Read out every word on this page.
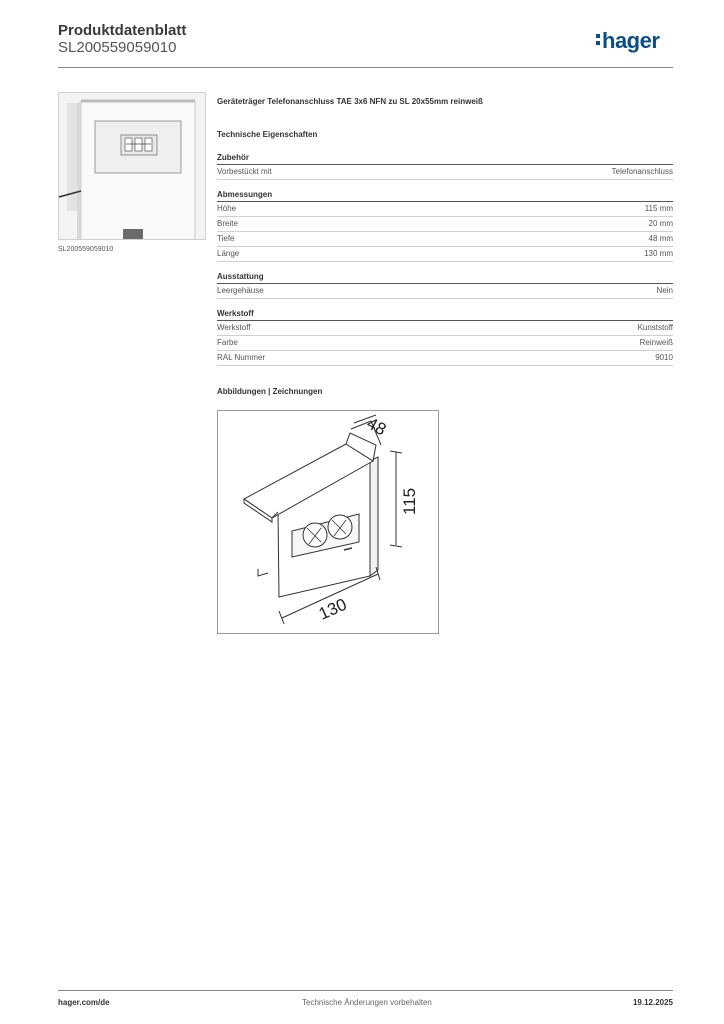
Produktdatenblatt
SL200559059010	hager
SL200559059010
Geräteträger Telefonanschluss TAE 3x6 NFN zu SL 20x55mm reinweiß
Technische Eigenschaften
Zubehör
Vorbestückt mit	Telefonanschluss
Abmessungen
Höhe	115 mm
Breite	20 mm
Tiefe	48 mm
Länge	130 mm
Ausstattung
Leergehäuse	Nein
Werkstoff
Werkstoff	Kunststoff
Farbe	Reinweiß
RAL Nummer	9010
Abbildungen | Zeichnungen
48
115
130
hager.com/de	Technische Änderungen vorbehalten	19.12.2025
